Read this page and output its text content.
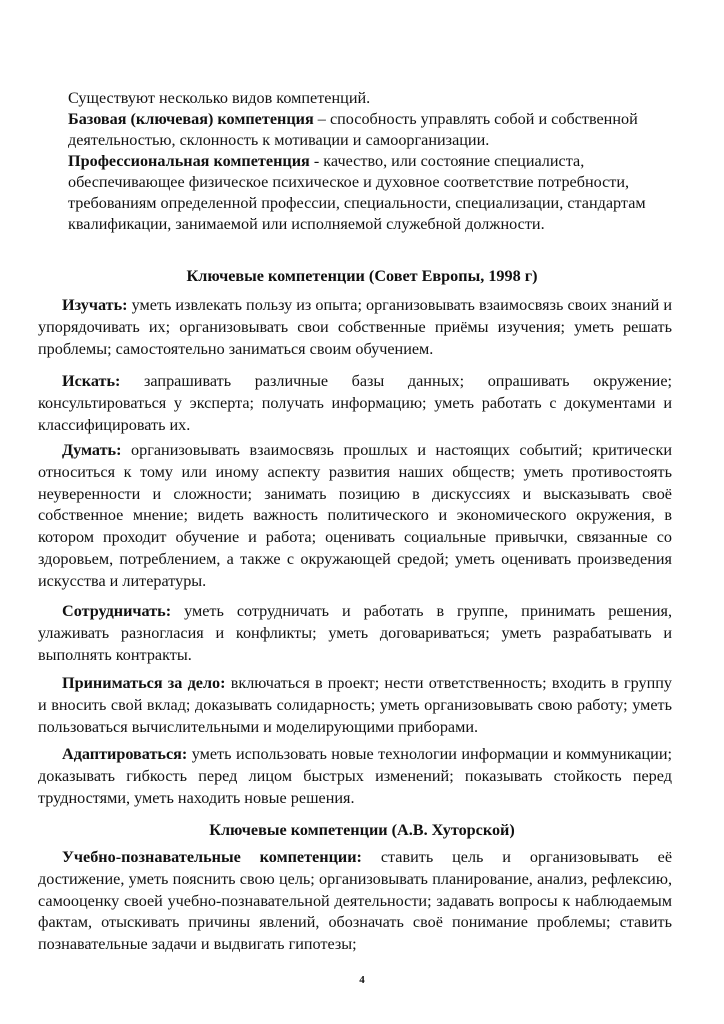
Существуют несколько видов компетенций.

Базовая (ключевая) компетенция – способность управлять собой и собственной деятельностью, склонность к мотивации и самоорганизации.

Профессиональная компетенция - качество, или состояние специалиста, обеспечивающее физическое психическое и духовное соответствие потребности, требованиям определенной профессии, специальности, специализации, стандартам квалификации, занимаемой или исполняемой служебной должности.

Ключевые компетенции (Совет Европы, 1998 г)

Изучать: уметь извлекать пользу из опыта; организовывать взаимосвязь своих знаний и упорядочивать их; организовывать свои собственные приёмы изучения; уметь решать проблемы; самостоятельно заниматься своим обучением.

Искать: запрашивать различные базы данных; опрашивать окружение; консультироваться у эксперта; получать информацию; уметь работать с документами и классифицировать их.

Думать: организовывать взаимосвязь прошлых и настоящих событий; критически относиться к тому или иному аспекту развития наших обществ; уметь противостоять неуверенности и сложности; занимать позицию в дискуссиях и высказывать своё собственное мнение; видеть важность политического и экономического окружения, в котором проходит обучение и работа; оценивать социальные привычки, связанные со здоровьем, потреблением, а также с окружающей средой; уметь оценивать произведения искусства и литературы.

Сотрудничать: уметь сотрудничать и работать в группе, принимать решения, улаживать разногласия и конфликты; уметь договариваться; уметь разрабатывать и выполнять контракты.

Приниматься за дело: включаться в проект; нести ответственность; входить в группу и вносить свой вклад; доказывать солидарность; уметь организовывать свою работу; уметь пользоваться вычислительными и моделирующими приборами.

Адаптироваться: уметь использовать новые технологии информации и коммуникации; доказывать гибкость перед лицом быстрых изменений; показывать стойкость перед трудностями, уметь находить новые решения.

Ключевые компетенции (А.В. Хуторской)

Учебно-познавательные компетенции: ставить цель и организовывать её достижение, уметь пояснить свою цель; организовывать планирование, анализ, рефлексию, самооценку своей учебно-познавательной деятельности; задавать вопросы к наблюдаемым фактам, отыскивать причины явлений, обозначать своё понимание проблемы; ставить познавательные задачи и выдвигать гипотезы;

4
